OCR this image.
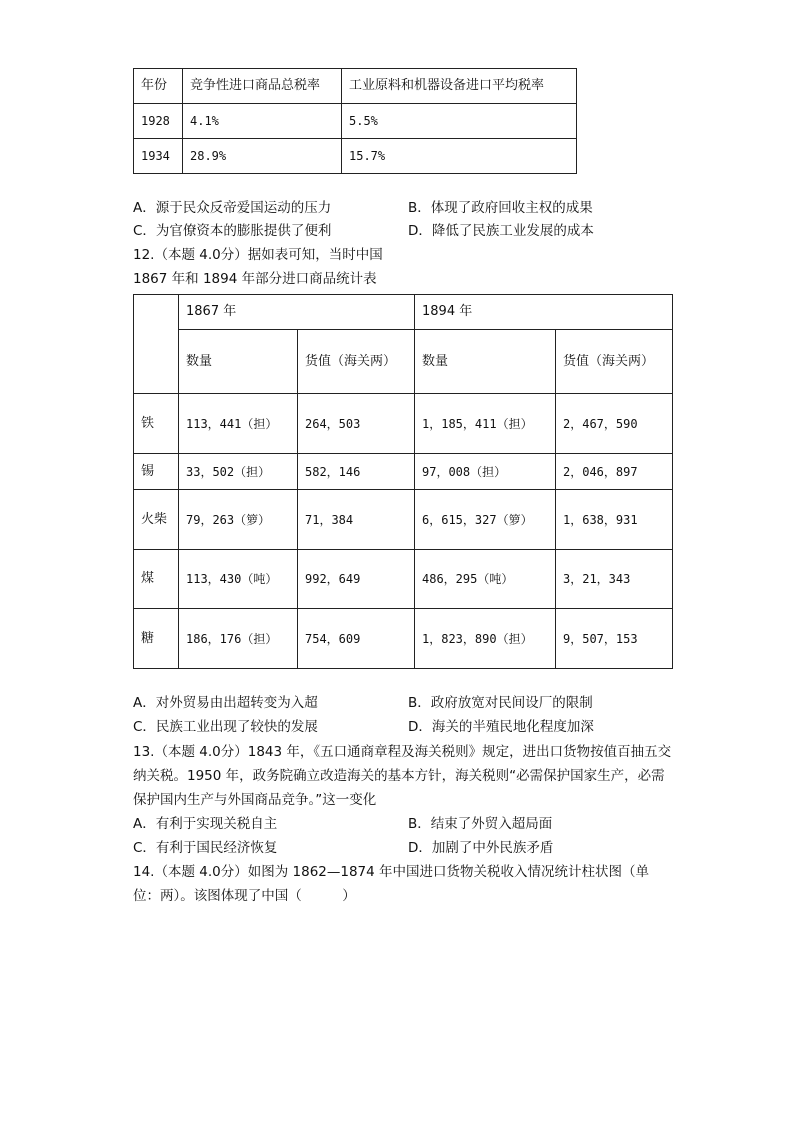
年份	竞争性进口商品总税率	工业原料和机器设备进口平均税率
1928	4.1%	5.5%
1934	28.9%	15.7%
A．源于民众反帝爱国运动的压力	B．体现了政府回收主权的成果
C．为官僚资本的膨胀提供了便利	D．降低了民族工业发展的成本
12.（本题 4.0分）据如表可知，当时中国
1867 年和 1894 年部分进口商品统计表
	1867 年		1894 年	
	数量	货值（海关两）	数量	货值（海关两）
铁	113，441（担）	264，503	1，185，411（担）	2，467，590
锡	33，502（担）	582，146	97，008（担）	2，046，897
火柴	79，263（箩）	71，384	6，615，327（箩）	1，638，931
煤	113，430（吨）	992，649	486，295（吨）	3，21，343
糖	186，176（担）	754，609	1，823，890（担）	9，507，153
A．对外贸易由出超转变为入超	B．政府放宽对民间设厂的限制
C．民族工业出现了较快的发展	D．海关的半殖民地化程度加深
13.（本题 4.0分）1843 年，《五口通商章程及海关税则》规定，进出口货物按值百抽五交纳关税。1950 年，政务院确立改造海关的基本方针，海关税则“必需保护国家生产，必需保护国内生产与外国商品竞争。”这一变化
A．有利于实现关税自主	B．结束了外贸入超局面
C．有利于国民经济恢复	D．加剧了中外民族矛盾
14.（本题 4.0分）如图为 1862—1874 年中国进口货物关税收入情况统计柱状图（单位：两）。该图体现了中国（　　　）
